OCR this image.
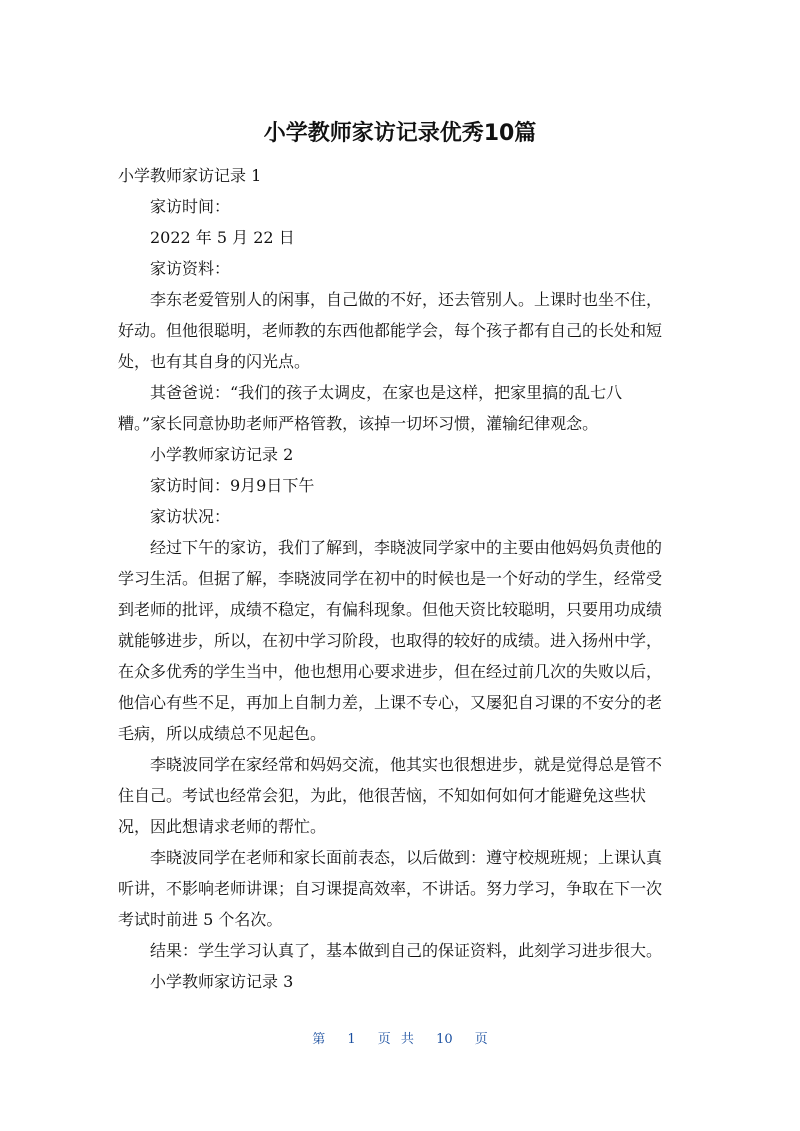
小学教师家访记录优秀10篇

小学教师家访记录 1

家访时间：

2022 年 5 月 22 日

家访资料：

李东老爱管别人的闲事，自己做的不好，还去管别人。上课时也坐不住，好动。但他很聪明，老师教的东西他都能学会，每个孩子都有自己的长处和短处，也有其自身的闪光点。

其爸爸说：“我们的孩子太调皮，在家也是这样，把家里搞的乱七八糟。”家长同意协助老师严格管教，该掉一切坏习惯，灌输纪律观念。

小学教师家访记录 2

家访时间：9月9日下午

家访状况：

经过下午的家访，我们了解到，李晓波同学家中的主要由他妈妈负责他的学习生活。但据了解，李晓波同学在初中的时候也是一个好动的学生，经常受到老师的批评，成绩不稳定，有偏科现象。但他天资比较聪明，只要用功成绩就能够进步，所以，在初中学习阶段，也取得的较好的成绩。进入扬州中学，在众多优秀的学生当中，他也想用心要求进步，但在经过前几次的失败以后，他信心有些不足，再加上自制力差，上课不专心，又屡犯自习课的不安分的老毛病，所以成绩总不见起色。

李晓波同学在家经常和妈妈交流，他其实也很想进步，就是觉得总是管不住自己。考试也经常会犯，为此，他很苦恼，不知如何如何才能避免这些状况，因此想请求老师的帮忙。

李晓波同学在老师和家长面前表态，以后做到：遵守校规班规；上课认真听讲，不影响老师讲课；自习课提高效率，不讲话。努力学习，争取在下一次考试时前进 5 个名次。

结果：学生学习认真了，基本做到自己的保证资料，此刻学习进步很大。

小学教师家访记录 3

第 1 页 共 10 页
